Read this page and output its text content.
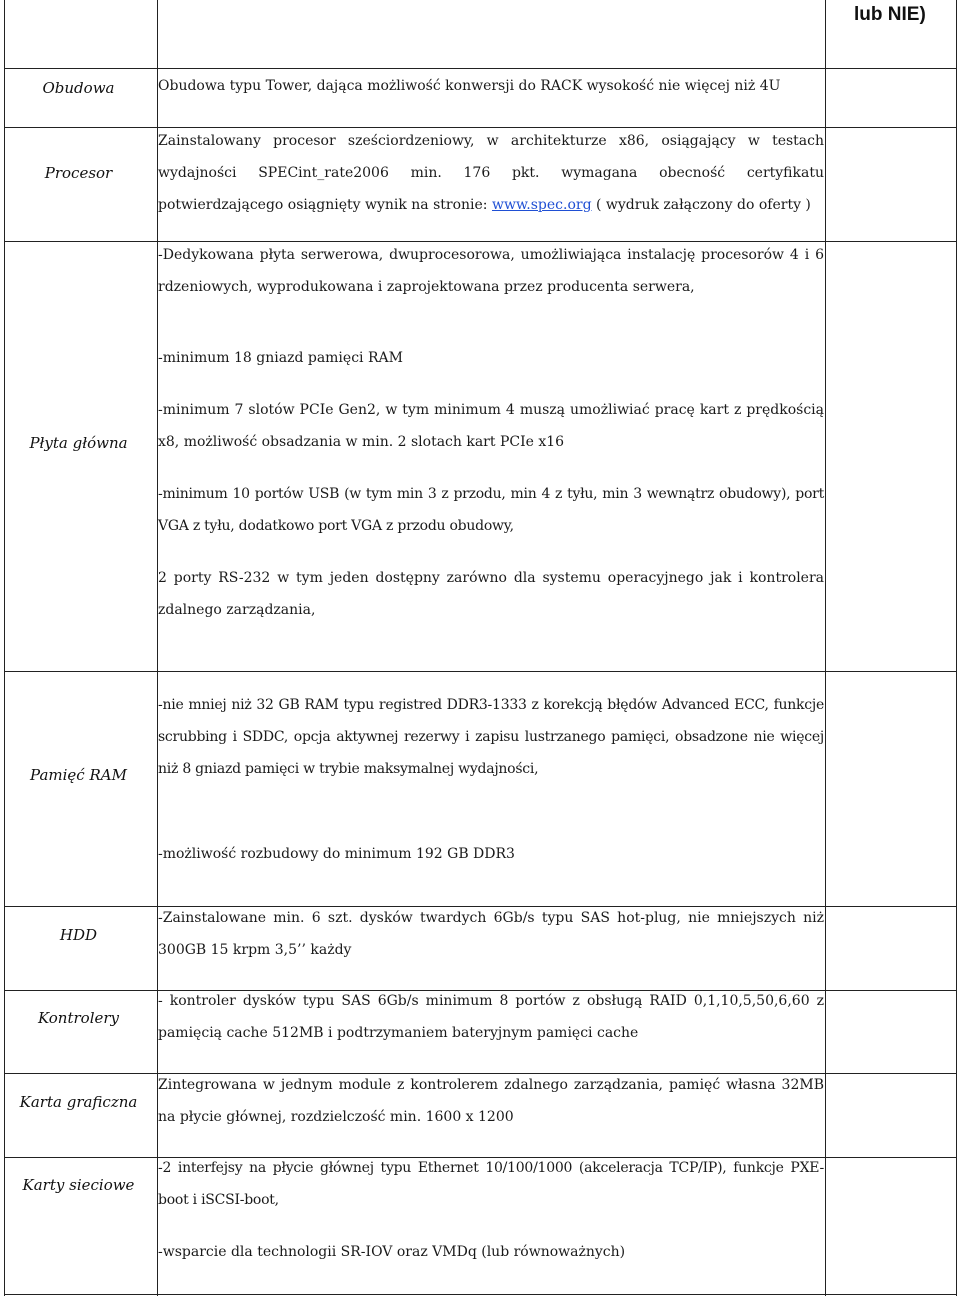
lub NIE)
Obudowa	Obudowa typu Tower, dająca możliwość konwersji do RACK wysokość nie więcej niż 4U
Procesor
Zainstalowany procesor sześciordzeniowy, w architekturze x86, osiągający w testach wydajności SPECint_rate2006 min. 176 pkt. wymagana obecność certyfikatu potwierdzającego osiągnięty wynik na stronie: www.spec.org ( wydruk załączony do oferty )
Płyta główna
-Dedykowana płyta serwerowa, dwuprocesorowa, umożliwiająca instalację procesorów 4 i 6 rdzeniowych, wyprodukowana i zaprojektowana przez producenta serwera,
-minimum 18 gniazd pamięci RAM
-minimum 7 slotów PCIe Gen2, w tym minimum 4 muszą umożliwiać pracę kart z prędkością x8, możliwość obsadzania w min. 2 slotach kart PCIe x16
-minimum 10 portów USB (w tym min 3 z przodu, min 4 z tyłu, min 3 wewnątrz obudowy), port VGA z tyłu, dodatkowo port VGA z przodu obudowy,
2 porty RS-232 w tym jeden dostępny zarówno dla systemu operacyjnego jak i kontrolera zdalnego zarządzania,
Pamięć RAM
-nie mniej niż 32 GB RAM typu registred DDR3-1333 z korekcją błędów Advanced ECC, funkcje scrubbing i SDDC, opcja aktywnej rezerwy i zapisu lustrzanego pamięci, obsadzone nie więcej niż 8 gniazd pamięci w trybie maksymalnej wydajności,
-możliwość rozbudowy do minimum 192 GB DDR3
HDD
-Zainstalowane min. 6 szt. dysków twardych 6Gb/s typu SAS hot-plug, nie mniejszych niż 300GB 15 krpm 3,5’’ każdy
Kontrolery
- kontroler dysków typu SAS 6Gb/s minimum 8 portów z obsługą RAID 0,1,10,5,50,6,60 z pamięcią cache 512MB i podtrzymaniem bateryjnym pamięci cache
Karta graficzna
Zintegrowana w jednym module z kontrolerem zdalnego zarządzania, pamięć własna 32MB na płycie głównej, rozdzielczość min. 1600 x 1200
Karty sieciowe
-2 interfejsy na płycie głównej typu Ethernet 10/100/1000 (akceleracja TCP/IP), funkcje PXE-boot i iSCSI-boot,
-wsparcie dla technologii SR-IOV oraz VMDq (lub równoważnych)
